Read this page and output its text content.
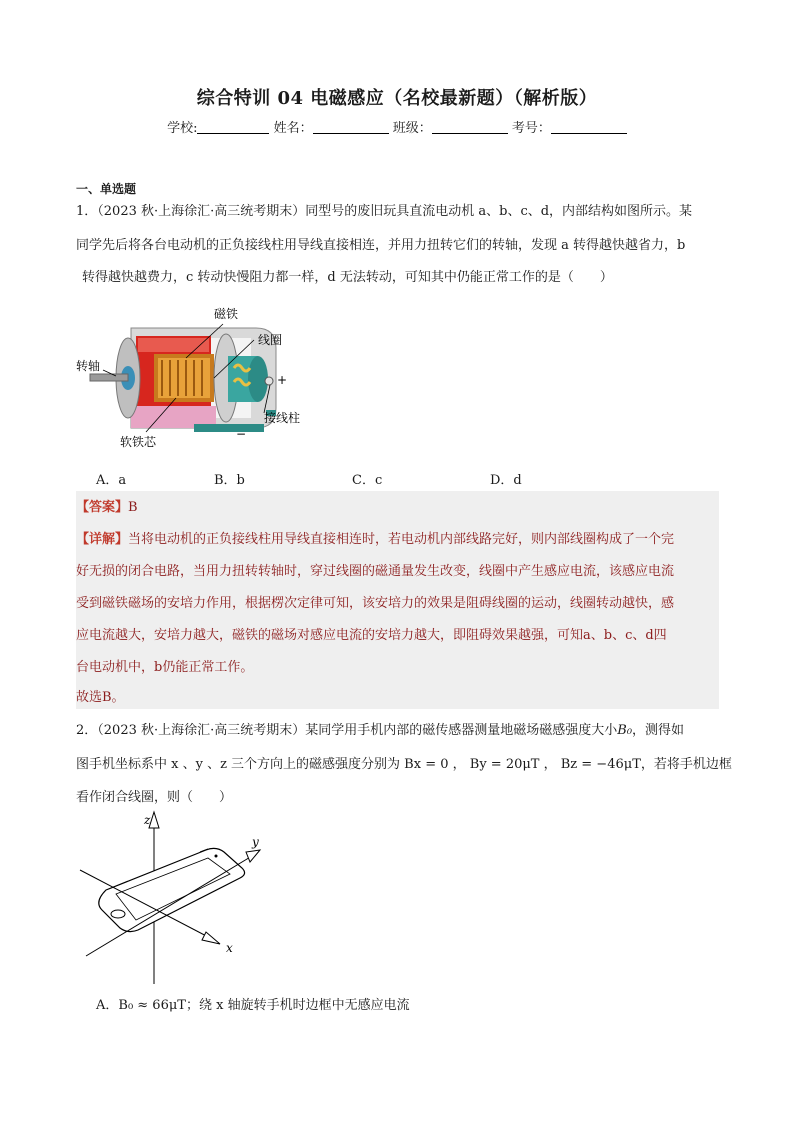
综合特训 04 电磁感应（名校最新题）（解析版）
学校:	姓名：	班级：	考号：
一、单选题
1．（2023 秋·上海徐汇·高三统考期末）同型号的废旧玩具直流电动机 a、b、c、d，内部结构如图所示。某
同学先后将各台电动机的正负接线柱用导线直接相连，并用力扭转它们的转轴，发现 a 转得越快越省力，b
转得越快越费力，c 转动快慢阻力都一样，d 无法转动，可知其中仍能正常工作的是（　　）
磁铁
线圈
转轴
接线柱
软铁芯
+
−
A．a	B．b	C．c	D．d
【答案】B
【详解】当将电动机的正负接线柱用导线直接相连时，若电动机内部线路完好，则内部线圈构成了一个完
好无损的闭合电路，当用力扭转转轴时，穿过线圈的磁通量发生改变，线圈中产生感应电流，该感应电流
受到磁铁磁场的安培力作用，根据楞次定律可知，该安培力的效果是阻碍线圈的运动，线圈转动越快，感
应电流越大，安培力越大，磁铁的磁场对感应电流的安培力越大，即阻碍效果越强，可知a、b、c、d四
台电动机中，b仍能正常工作。
故选B。
2．（2023 秋·上海徐汇·高三统考期末）某同学用手机内部的磁传感器测量地磁场磁感强度大小B₀，测得如
图手机坐标系中 x 、y 、z 三个方向上的磁感强度分别为 Bx = 0 ， By = 20μT ， Bz = −46μT，若将手机边框
看作闭合线圈，则（　　）
z
y
x
A．B₀ ≈ 66μT；绕 x 轴旋转手机时边框中无感应电流
